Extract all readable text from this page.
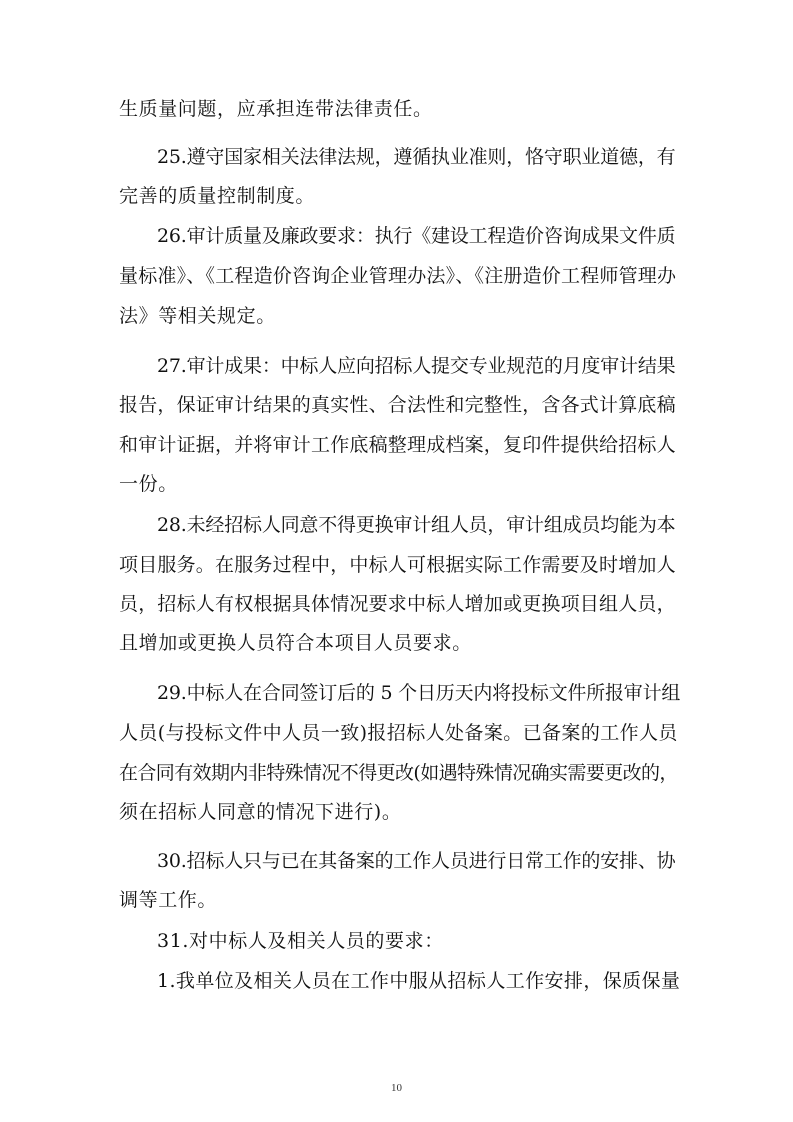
生质量问题，应承担连带法律责任。
25.遵守国家相关法律法规，遵循执业准则，恪守职业道德，有
完善的质量控制制度。
26.审计质量及廉政要求：执行《建设工程造价咨询成果文件质
量标准》、《工程造价咨询企业管理办法》、《注册造价工程师管理办
法》等相关规定。
27.审计成果：中标人应向招标人提交专业规范的月度审计结果
报告，保证审计结果的真实性、合法性和完整性，含各式计算底稿
和审计证据，并将审计工作底稿整理成档案，复印件提供给招标人
一份。
28.未经招标人同意不得更换审计组人员，审计组成员均能为本
项目服务。在服务过程中，中标人可根据实际工作需要及时增加人
员，招标人有权根据具体情况要求中标人增加或更换项目组人员，
且增加或更换人员符合本项目人员要求。
29.中标人在合同签订后的 5 个日历天内将投标文件所报审计组
人员(与投标文件中人员一致)报招标人处备案。已备案的工作人员
在合同有效期内非特殊情况不得更改(如遇特殊情况确实需要更改的，
须在招标人同意的情况下进行)。
30.招标人只与已在其备案的工作人员进行日常工作的安排、协
调等工作。
31.对中标人及相关人员的要求：
1.我单位及相关人员在工作中服从招标人工作安排，保质保量
10
